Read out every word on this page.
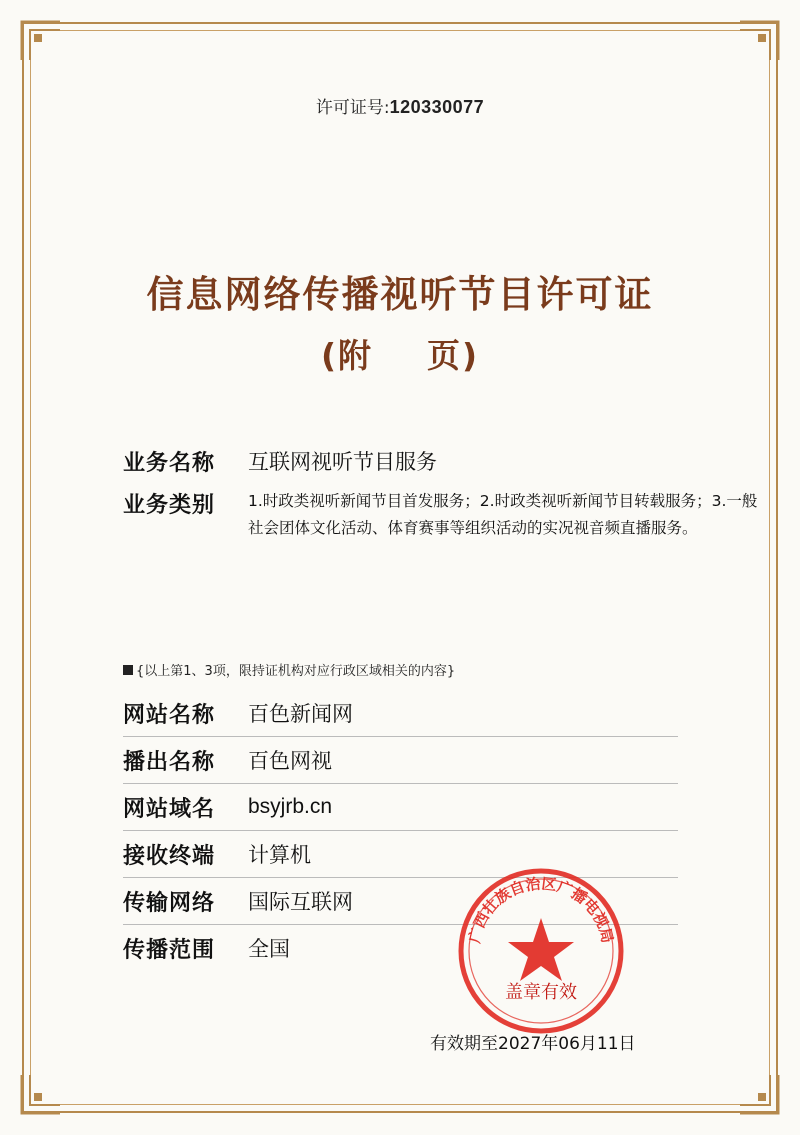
许可证号:120330077
信息网络传播视听节目许可证
(附    页)
业务名称	互联网视听节目服务
业务类别	1.时政类视听新闻节目首发服务；2.时政类视听新闻节目转载服务；3.一般社会团体文化活动、体育赛事等组织活动的实况视音频直播服务。
{以上第1、3项，限持证机构对应行政区域相关的内容}
网站名称	百色新闻网
播出名称	百色网视
网站域名	bsyjrb.cn
接收终端	计算机
传输网络	国际互联网
传播范围	全国
广西壮族自治区广播电视局
盖章有效
有效期至2027年06月11日
